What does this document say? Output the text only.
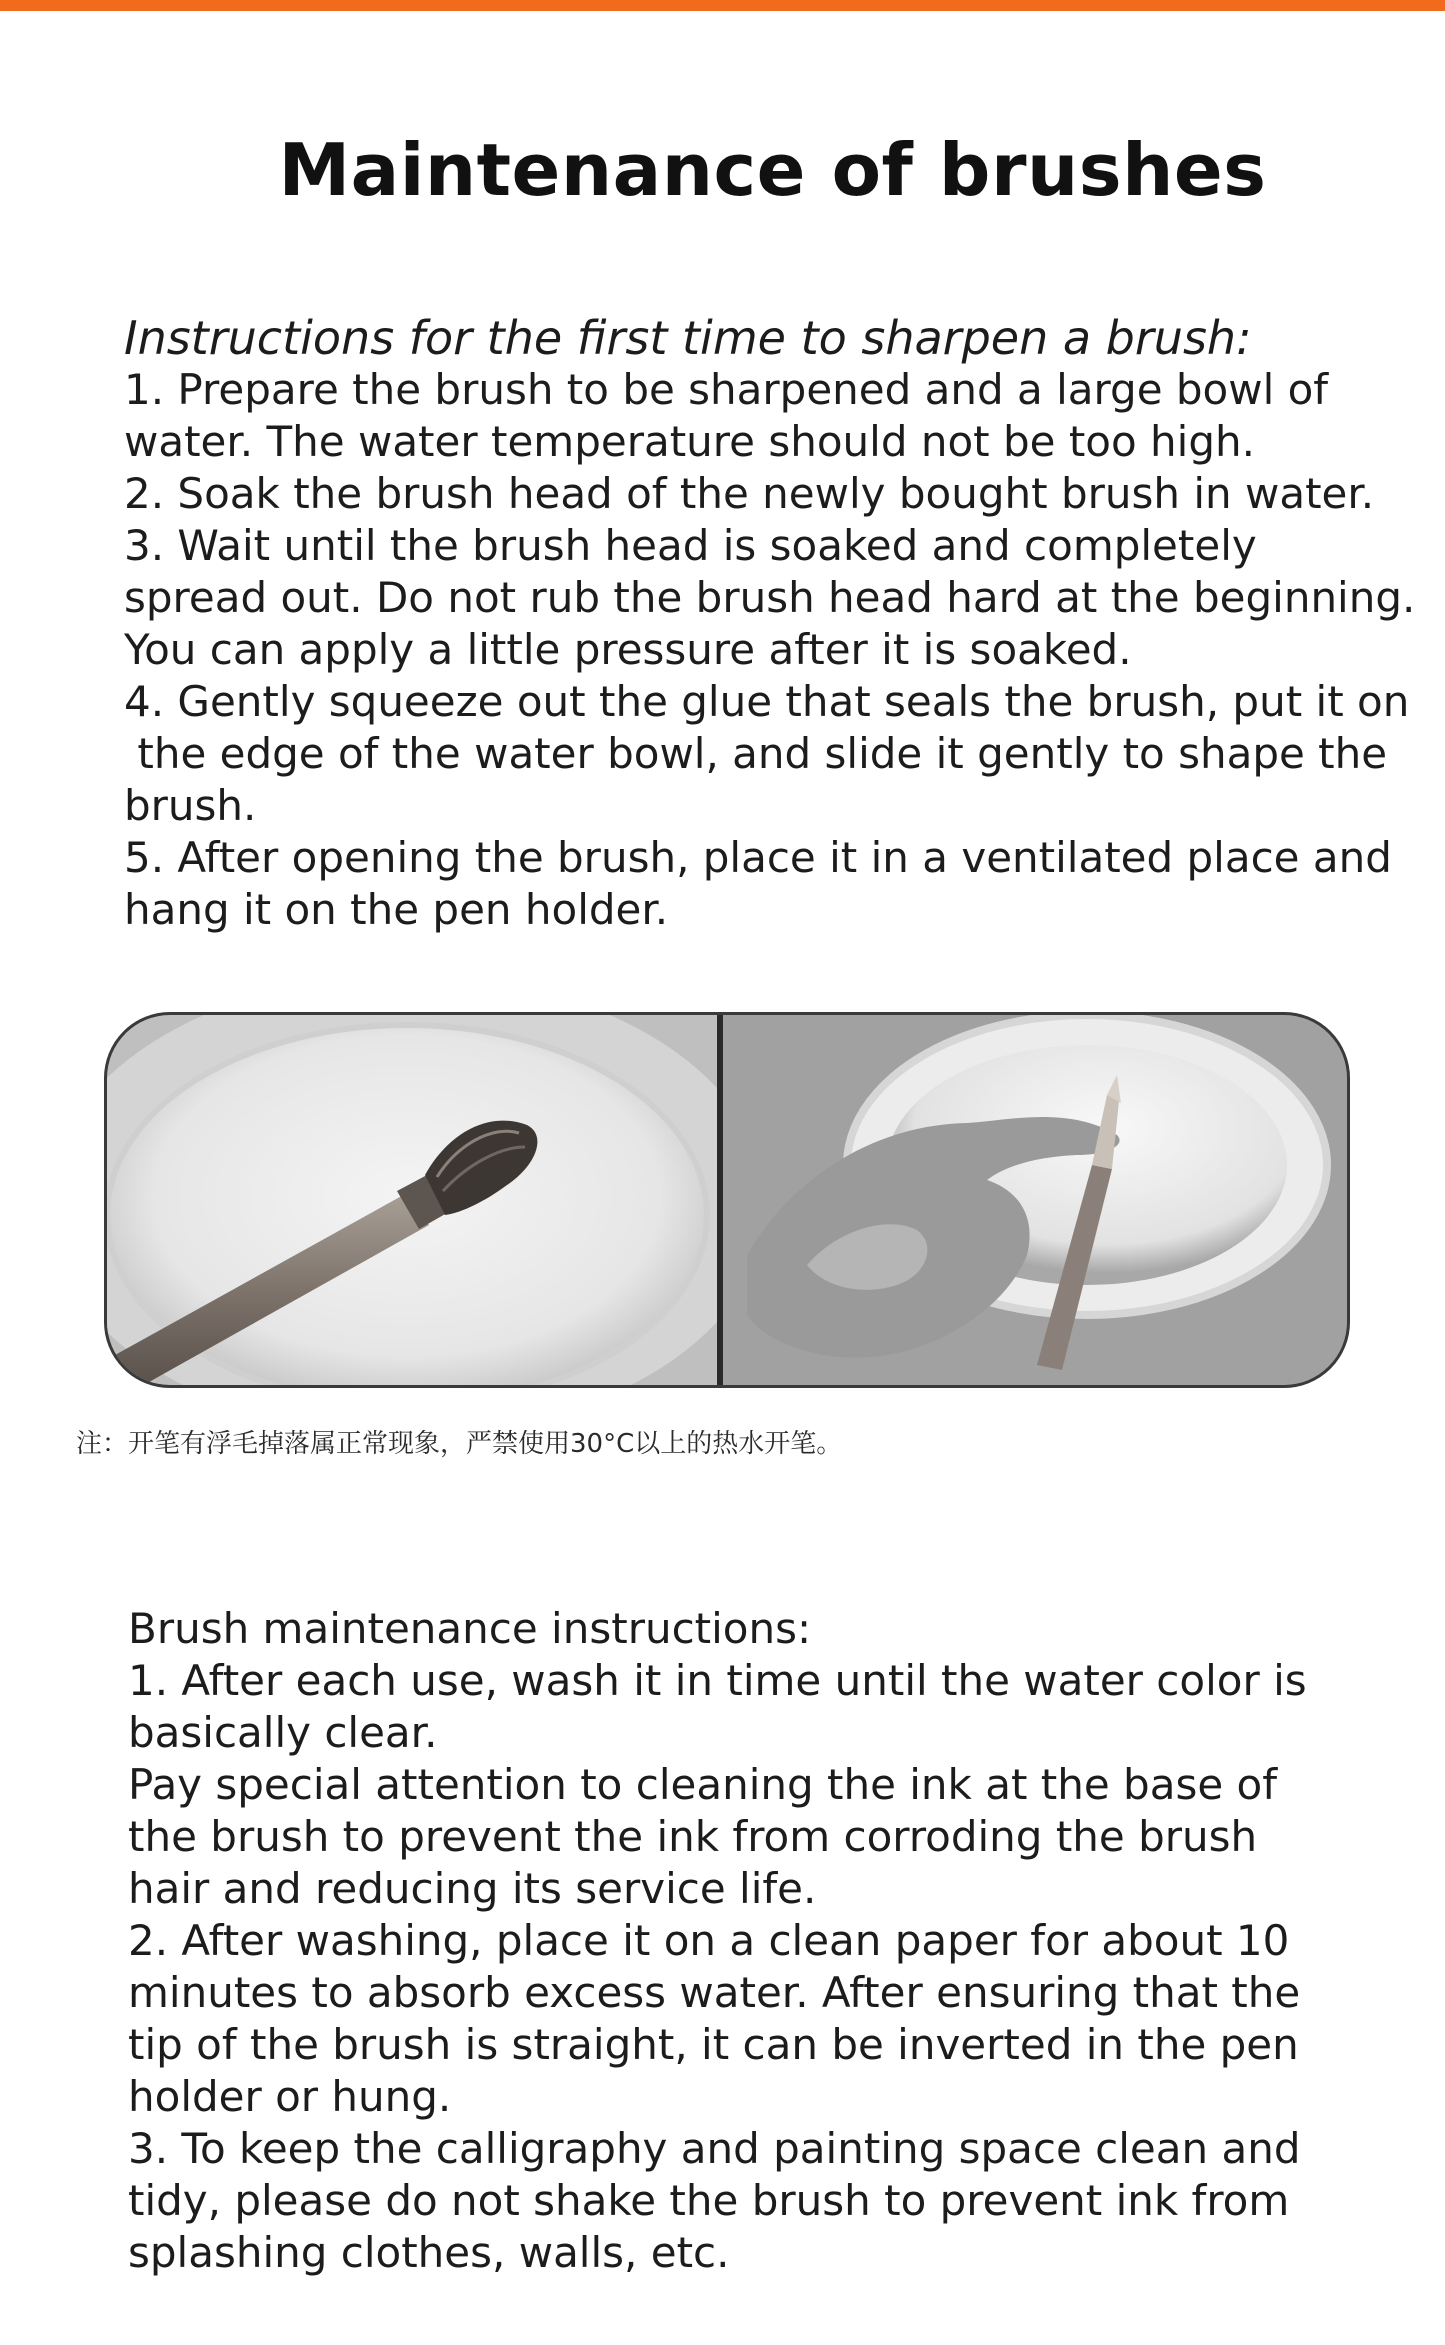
Maintenance of brushes

Instructions for the first time to sharpen a brush:

1. Prepare the brush to be sharpened and a large bowl of

water. The water temperature should not be too high.

2. Soak the brush head of the newly bought brush in water.

3. Wait until the brush head is soaked and completely

spread out. Do not rub the brush head hard at the beginning.

You can apply a little pressure after it is soaked.

4. Gently squeeze out the glue that seals the brush, put it on

the edge of the water bowl, and slide it gently to shape the

brush.

5. After opening the brush, place it in a ventilated place and

hang it on the pen holder.

注：开笔有浮毛掉落属正常现象，严禁使用30°C以上的热水开笔。

Brush maintenance instructions:

1. After each use, wash it in time until the water color is

basically clear.

Pay special attention to cleaning the ink at the base of

the brush to prevent the ink from corroding the brush

hair and reducing its service life.

2. After washing, place it on a clean paper for about 10

minutes to absorb excess water. After ensuring that the

tip of the brush is straight, it can be inverted in the pen

holder or hung.

3. To keep the calligraphy and painting space clean and

tidy, please do not shake the brush to prevent ink from

splashing clothes, walls, etc.
